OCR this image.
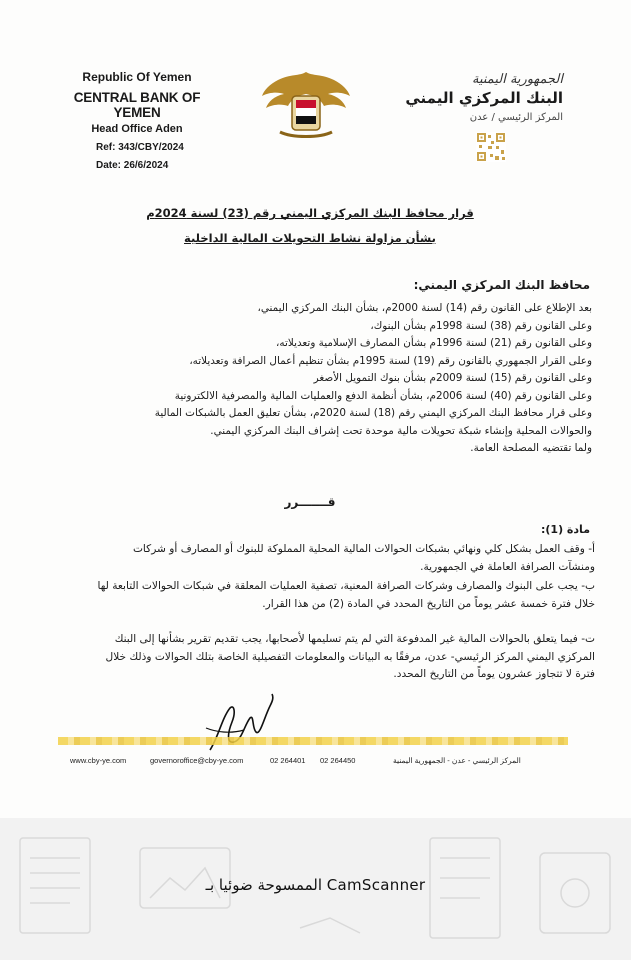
Republic Of Yemen
CENTRAL BANK OF YEMEN
Head Office Aden
Ref: 343/CBY/2024
Date: 26/6/2024
الجمهورية اليمنية
البنك المركزي اليمني
المركز الرئيسي / عدن
قرار محافظ البنك المركزي اليمني رقم (23) لسنة 2024م
بشأن مزاولة نشاط التحويلات المالية الداخلية
محافظ البنك المركزي اليمني:
بعد الإطلاع على القانون رقم (14) لسنة 2000م، بشأن البنك المركزي اليمني،
وعلى القانون رقم (38) لسنة 1998م بشأن البنوك،
وعلى القانون رقم (21) لسنة 1996م بشأن المصارف الإسلامية وتعديلاته،
وعلى القرار الجمهوري بالقانون رقم (19) لسنة 1995م بشأن تنظيم أعمال الصرافة وتعديلاته،
وعلى القانون رقم (15) لسنة 2009م بشأن بنوك التمويل الأصغر
وعلى القانون رقم (40) لسنة 2006م، بشأن أنظمة الدفع والعمليات المالية والمصرفية الالكترونية
وعلى قرار محافظ البنك المركزي اليمني رقم (18) لسنة 2020م، بشأن تعليق العمل بالشبكات المالية والحوالات المحلية وإنشاء شبكة تحويلات مالية موحدة تحت إشراف البنك المركزي اليمني.
ولما تقتضيه المصلحة العامة.
قـــــــرر
مادة (1):
أ- وقف العمل بشكل كلي ونهائي بشبكات الحوالات المالية المحلية المملوكة للبنوك أو المصارف أو شركات ومنشآت الصرافة العاملة في الجمهورية.
ب- يجب على البنوك والمصارف وشركات الصرافة المعنية، تصفية العمليات المعلقة في شبكات الحوالات التابعة لها خلال فترة خمسة عشر يوماً من التاريخ المحدد في المادة (2) من هذا القرار.
ت- فيما يتعلق بالحوالات المالية غير المدفوعة التي لم يتم تسليمها لأصحابها، يجب تقديم تقرير بشأنها إلى البنك المركزي اليمني المركز الرئيسي- عدن، مرفقًا به البيانات والمعلومات التفصيلية الخاصة بتلك الحوالات وذلك خلال فترة لا تتجاوز عشرون يوماً من التاريخ المحدد.
www.cby-ye.com	governoroffice@cby-ye.com	02 264401 02 264450	المركز الرئيسي - عدن - الجمهورية اليمنية
الممسوحة ضوئيا بـ CamScanner
